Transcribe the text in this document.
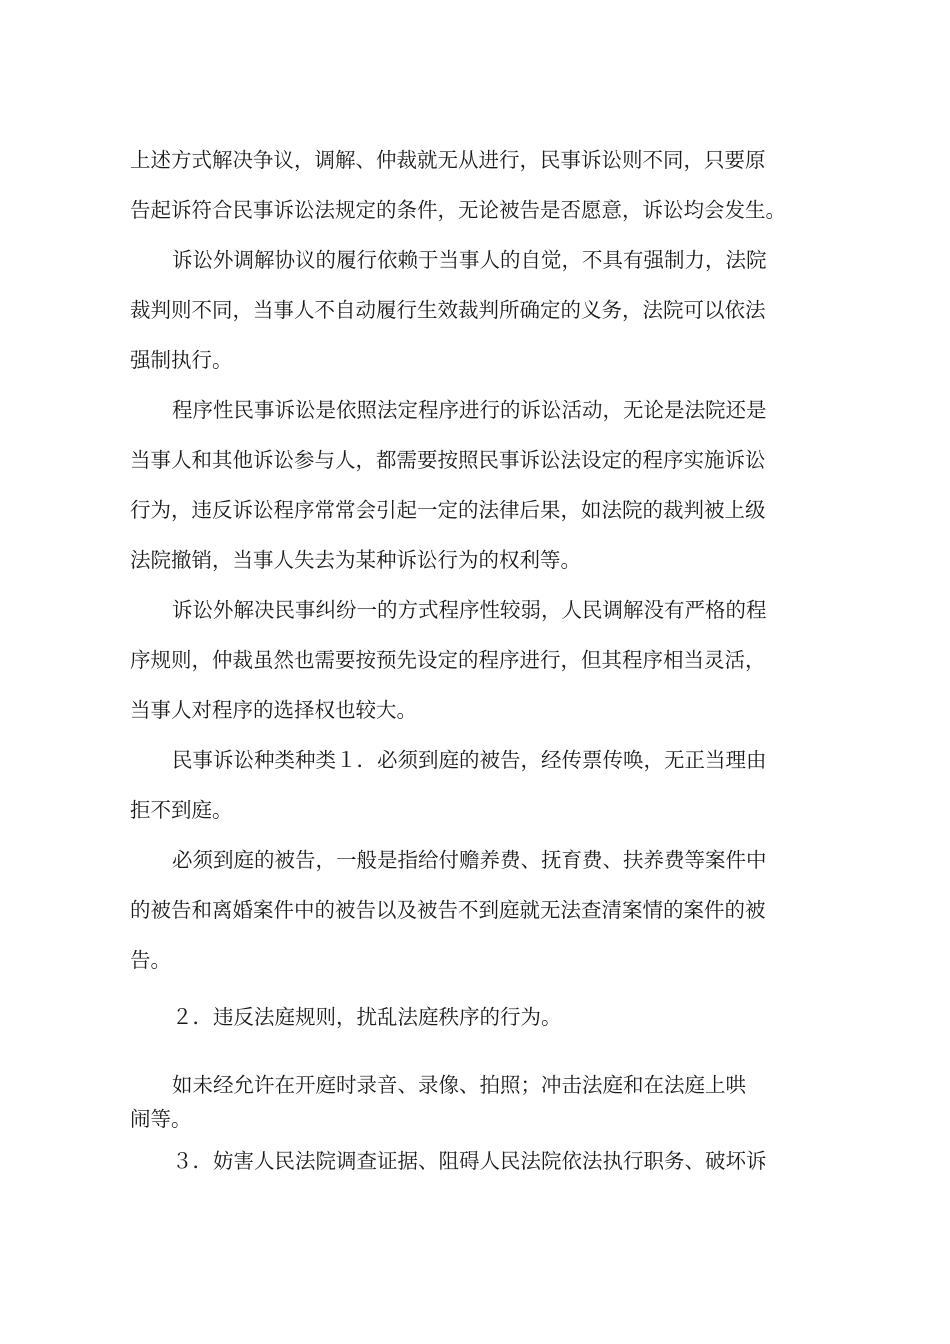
上述方式解决争议，调解、仲裁就无从进行，民事诉讼则不同，只要原
告起诉符合民事诉讼法规定的条件，无论被告是否愿意，诉讼均会发生。
诉讼外调解协议的履行依赖于当事人的自觉，不具有强制力，法院
裁判则不同，当事人不自动履行生效裁判所确定的义务，法院可以依法
强制执行。
程序性民事诉讼是依照法定程序进行的诉讼活动，无论是法院还是
当事人和其他诉讼参与人，都需要按照民事诉讼法设定的程序实施诉讼
行为，违反诉讼程序常常会引起一定的法律后果，如法院的裁判被上级
法院撤销，当事人失去为某种诉讼行为的权利等。
诉讼外解决民事纠纷一的方式程序性较弱，人民调解没有严格的程
序规则，仲裁虽然也需要按预先设定的程序进行，但其程序相当灵活，
当事人对程序的选择权也较大。
民事诉讼种类种类１．必须到庭的被告，经传票传唤，无正当理由
拒不到庭。
必须到庭的被告，一般是指给付赡养费、抚育费、扶养费等案件中
的被告和离婚案件中的被告以及被告不到庭就无法查清案情的案件的被
告。
２．违反法庭规则，扰乱法庭秩序的行为。
如未经允许在开庭时录音、录像、拍照；冲击法庭和在法庭上哄
闹等。
３．妨害人民法院调查证据、阻碍人民法院依法执行职务、破坏诉
